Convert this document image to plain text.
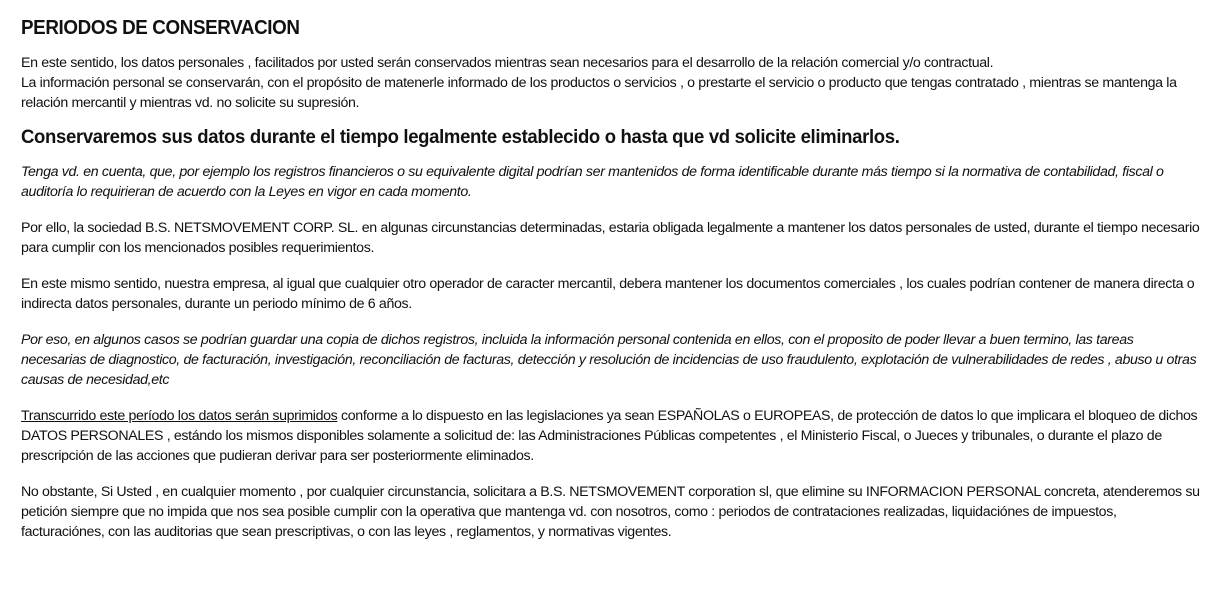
PERIODOS DE CONSERVACION

En este sentido, los datos personales , facilitados por usted serán conservados mientras sean necesarios para el desarrollo de la relación comercial y/o contractual.

La información personal se conservarán, con el propósito de matenerle informado de los productos o servicios , o prestarte el servicio o producto que tengas contratado , mientras se mantenga la relación mercantil y mientras vd. no solicite su supresión.

Conservaremos sus datos durante el tiempo legalmente establecido o hasta que vd solicite eliminarlos.

Tenga vd. en cuenta, que, por ejemplo los registros financieros o su equivalente digital podrían ser mantenidos de forma identificable durante más tiempo si la normativa de contabilidad, fiscal o auditoría lo requirieran de acuerdo con la Leyes en vigor en cada momento.

Por ello, la sociedad B.S. NETSMOVEMENT CORP. SL. en algunas circunstancias determinadas, estaria obligada legalmente a mantener los datos personales de usted, durante el tiempo necesario para cumplir con los mencionados posibles requerimientos.

En este mismo sentido, nuestra empresa, al igual que cualquier otro operador de caracter mercantil, debera mantener los documentos comerciales , los cuales podrían contener de manera directa o indirecta datos personales, durante un periodo mínimo de 6 años.

Por eso, en algunos casos se podrían guardar una copia de dichos registros, incluida la información personal contenida en ellos, con el proposito de poder llevar a buen termino, las tareas necesarias de diagnostico, de facturación, investigación, reconciliación de facturas, detección y resolución de incidencias de uso fraudulento, explotación de vulnerabilidades de redes , abuso u otras causas de necesidad,etc

Transcurrido este período los datos serán suprimidos conforme a lo dispuesto en las legislaciones ya sean ESPAÑOLAS o EUROPEAS, de protección de datos lo que implicara el bloqueo de dichos DATOS PERSONALES , estándo los mismos disponibles solamente a solicitud de: las Administraciones Públicas competentes , el Ministerio Fiscal, o Jueces y tribunales, o durante el plazo de prescripción de las acciones que pudieran derivar para ser posteriormente eliminados.

No obstante, Si Usted , en cualquier momento , por cualquier circunstancia, solicitara a B.S. NETSMOVEMENT corporation sl, que elimine su INFORMACION PERSONAL concreta, atenderemos su petición siempre que no impida que nos sea posible cumplir con la operativa que mantenga vd. con nosotros, como : periodos de contrataciones realizadas, liquidaciónes de impuestos, facturaciónes, con las auditorias que sean prescriptivas, o con las leyes , reglamentos, y normativas vigentes.
